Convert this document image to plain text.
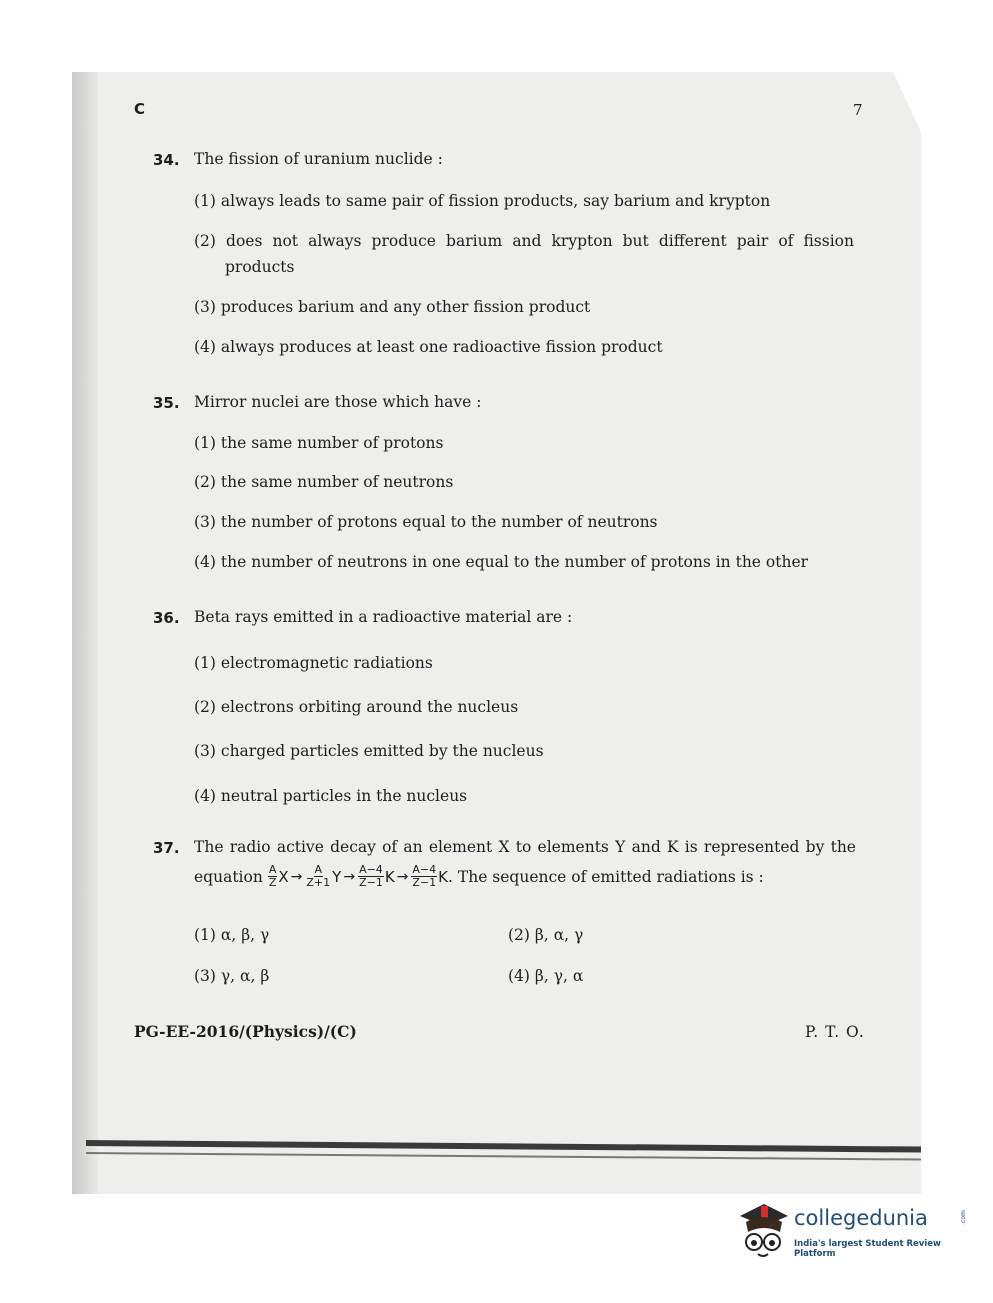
C	7
34. The fission of uranium nuclide :
(1) always leads to same pair of fission products, say barium and krypton
(2) does not always produce barium and krypton but different pair of fission
products
(3) produces barium and any other fission product
(4) always produces at least one radioactive fission product
35. Mirror nuclei are those which have :
(1) the same number of protons
(2) the same number of neutrons
(3) the number of protons equal to the number of neutrons
(4) the number of neutrons in one equal to the number of protons in the other
36. Beta rays emitted in a radioactive material are :
(1) electromagnetic radiations
(2) electrons orbiting around the nucleus
(3) charged particles emitted by the nucleus
(4) neutral particles in the nucleus
37. The radio active decay of an element X to elements Y and K is represented by the
equation $\frac{A}{Z}$ $X \to \frac{A}{Z+1}$ $Y \to \frac{A-4}{Z-1}$ $K \to \frac{A-4}{Z-1}$ K . The sequence of emitted radiations is :
(1) α, β, γ	(2) β, α, γ
(3) γ, α, β	(4) β, γ, α
PG-EE-2016/(Physics)/(C)	P. T. O.
collegedunia	.com
India's largest Student Review Platform
